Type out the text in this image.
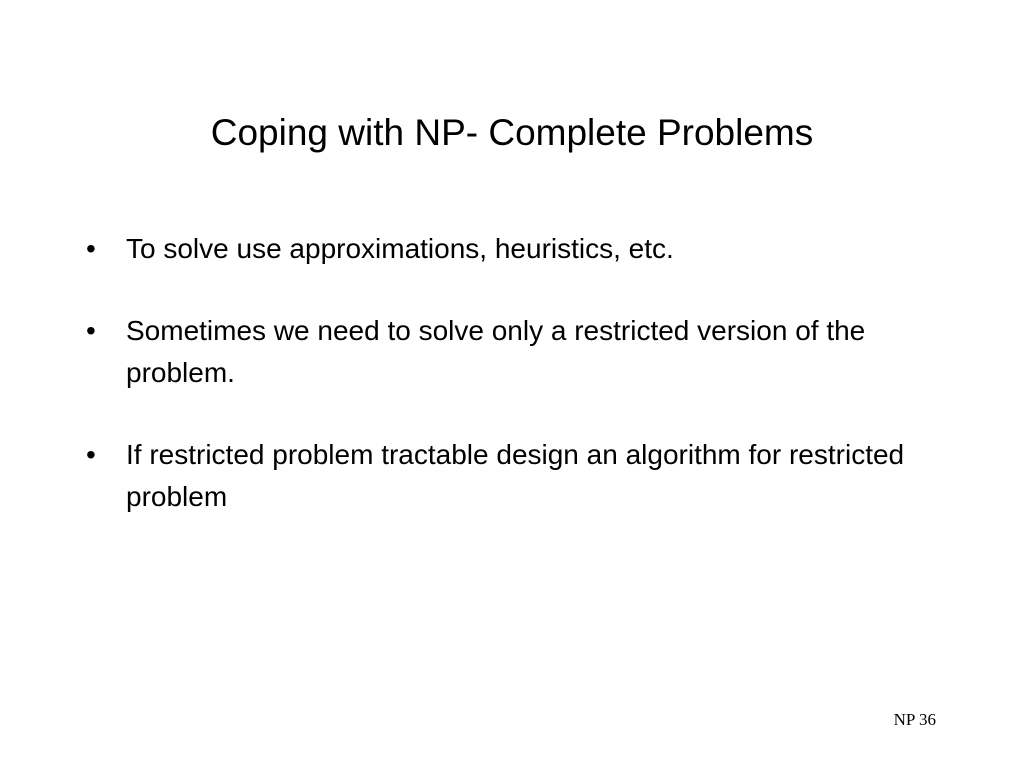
Coping with NP- Complete Problems
•	To solve use approximations, heuristics, etc.
•	Sometimes we need to solve only a restricted version of the problem.
•	If restricted problem tractable design an algorithm for restricted problem
NP 36
